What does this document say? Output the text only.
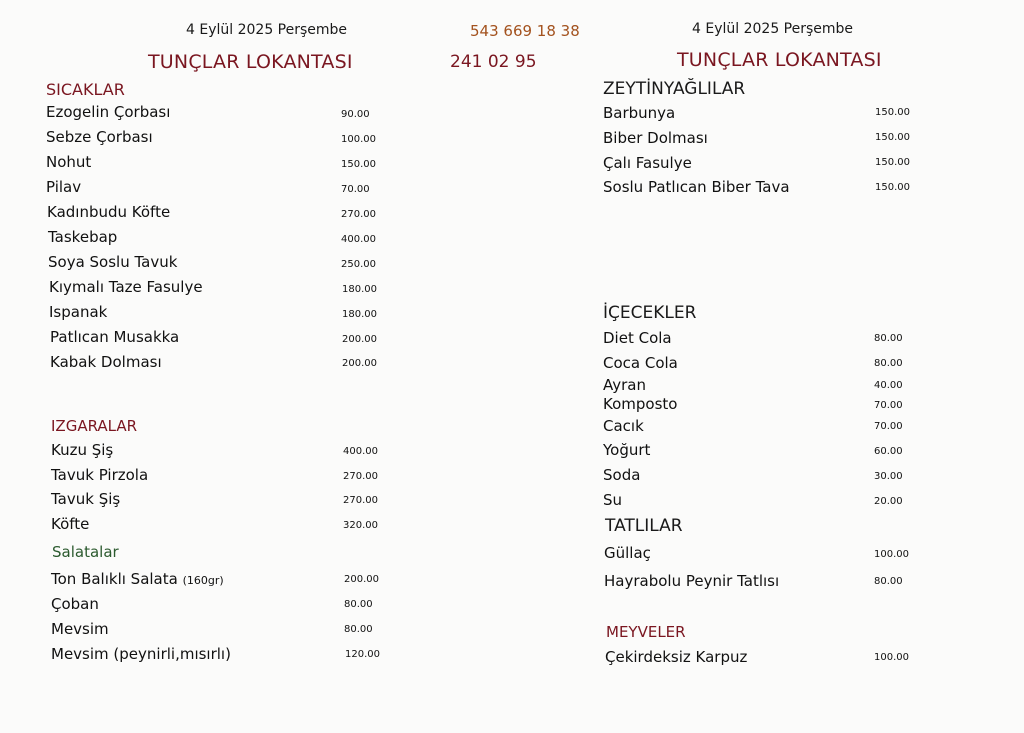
4 Eylül 2025 Perşembe	543 669 18 38	4 Eylül 2025 Perşembe
TUNÇLAR LOKANTASI	241 02 95	TUNÇLAR LOKANTASI
SICAKLAR
Ezogelin Çorbası	90.00
Sebze Çorbası	100.00
Nohut	150.00
Pilav	70.00
Kadınbudu Köfte	270.00
Taskebap	400.00
Soya Soslu Tavuk	250.00
Kıymalı Taze Fasulye	180.00
Ispanak	180.00
Patlıcan Musakka	200.00
Kabak Dolması	200.00
IZGARALAR
Kuzu Şiş	400.00
Tavuk Pirzola	270.00
Tavuk Şiş	270.00
Köfte	320.00
Salatalar
Ton Balıklı Salata (160gr)	200.00
Çoban	80.00
Mevsim	80.00
Mevsim (peynirli,mısırlı)	120.00
ZEYTİNYAĞLILAR
Barbunya	150.00
Biber Dolması	150.00
Çalı Fasulye	150.00
Soslu Patlıcan Biber Tava	150.00
İÇECEKLER
Diet Cola	80.00
Coca Cola	80.00
Ayran	40.00
Komposto	70.00
Cacık	70.00
Yoğurt	60.00
Soda	30.00
Su	20.00
TATLILAR
Güllaç	100.00
Hayrabolu Peynir Tatlısı	80.00
MEYVELER
Çekirdeksiz Karpuz	100.00
